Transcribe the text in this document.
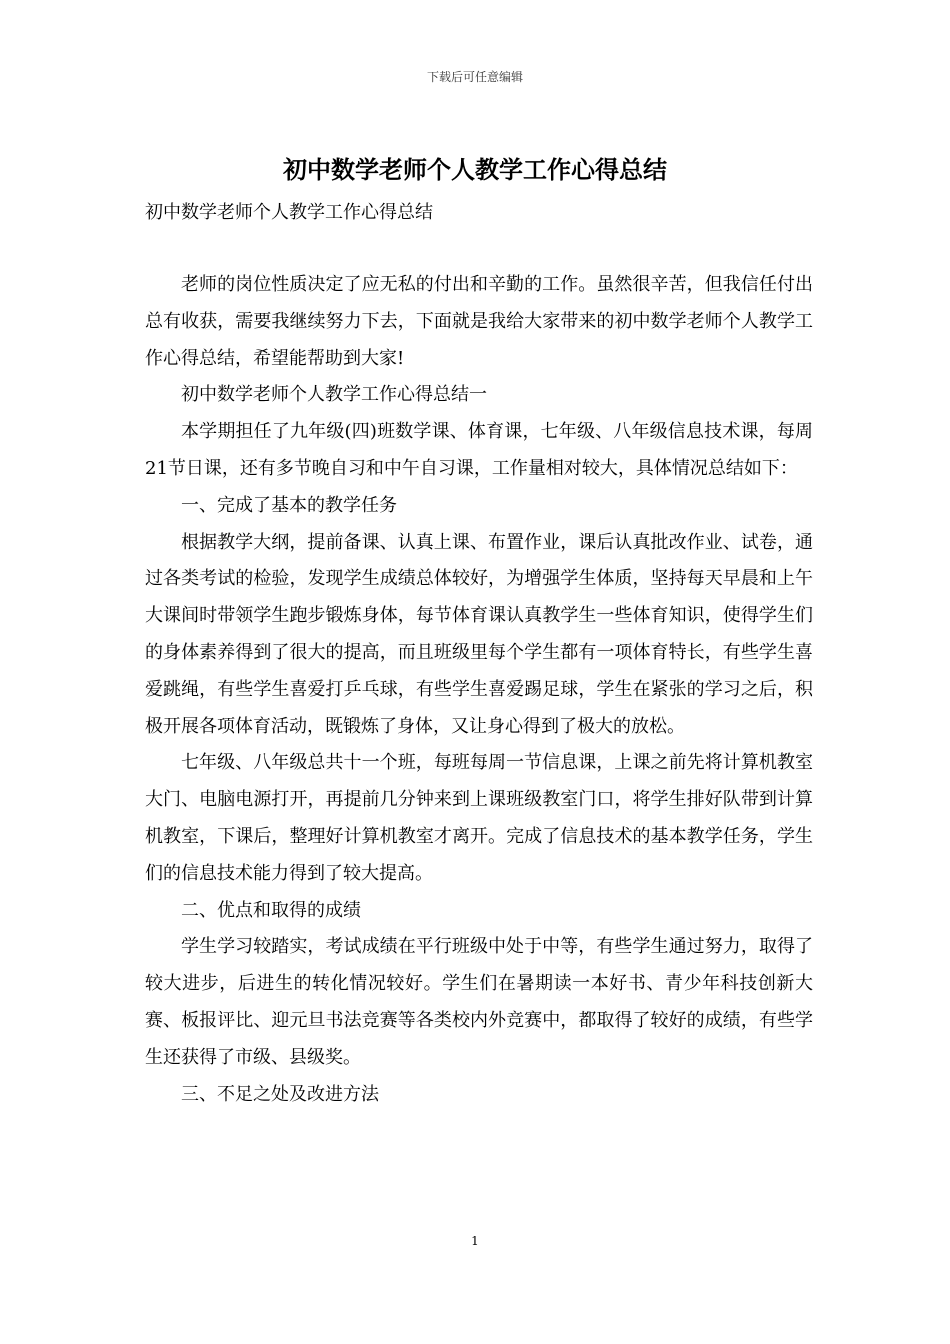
下载后可任意编辑
初中数学老师个人教学工作心得总结

初中数学老师个人教学工作心得总结

老师的岗位性质决定了应无私的付出和辛勤的工作。虽然很辛苦，但我信任付出总有收获，需要我继续努力下去，下面就是我给大家带来的初中数学老师个人教学工作心得总结，希望能帮助到大家!

初中数学老师个人教学工作心得总结一

本学期担任了九年级(四)班数学课、体育课，七年级、八年级信息技术课，每周21节日课，还有多节晚自习和中午自习课，工作量相对较大，具体情况总结如下：

一、完成了基本的教学任务

根据教学大纲，提前备课、认真上课、布置作业，课后认真批改作业、试卷，通过各类考试的检验，发现学生成绩总体较好，为增强学生体质，坚持每天早晨和上午大课间时带领学生跑步锻炼身体，每节体育课认真教学生一些体育知识，使得学生们的身体素养得到了很大的提高，而且班级里每个学生都有一项体育特长，有些学生喜爱跳绳，有些学生喜爱打乒乓球，有些学生喜爱踢足球，学生在紧张的学习之后，积极开展各项体育活动，既锻炼了身体，又让身心得到了极大的放松。

七年级、八年级总共十一个班，每班每周一节信息课，上课之前先将计算机教室大门、电脑电源打开，再提前几分钟来到上课班级教室门口，将学生排好队带到计算机教室，下课后，整理好计算机教室才离开。完成了信息技术的基本教学任务，学生们的信息技术能力得到了较大提高。

二、优点和取得的成绩

学生学习较踏实，考试成绩在平行班级中处于中等，有些学生通过努力，取得了较大进步，后进生的转化情况较好。学生们在暑期读一本好书、青少年科技创新大赛、板报评比、迎元旦书法竞赛等各类校内外竞赛中，都取得了较好的成绩，有些学生还获得了市级、县级奖。

三、不足之处及改进方法

1
